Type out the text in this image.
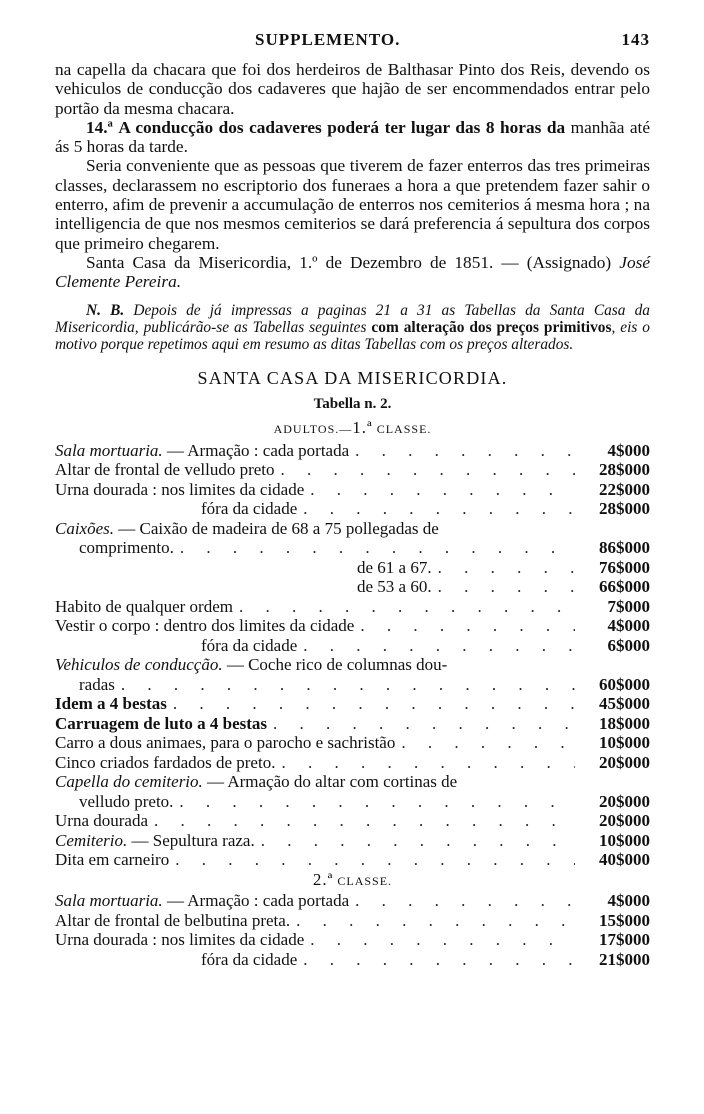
SUPPLEMENTO.	143

na capella da chacara que foi dos herdeiros de Balthasar Pinto dos Reis, devendo os vehiculos de conducção dos cadaveres que hajão de ser encommendados entrar pelo portão da mesma chacara.

14.ª A conducção dos cadaveres poderá ter lugar das 8 horas da manhãa até ás 5 horas da tarde.

Seria conveniente que as pessoas que tiverem de fazer enterros das tres primeiras classes, declarassem no escriptorio dos funeraes a hora a que pretendem fazer sahir o enterro, afim de prevenir a accumulação de enterros nos cemiterios á mesma hora ; na intelligencia de que nos mesmos cemiterios se dará preferencia á sepultura dos corpos que primeiro chegarem.

Santa Casa da Misericordia, 1.º de Dezembro de 1851. — (Assignado) José Clemente Pereira.

N. B. Depois de já impressas a paginas 21 a 31 as Tabellas da Santa Casa da Misericordia, publicárão-se as Tabellas seguintes com alteração dos preços primitivos, eis o motivo porque repetimos aqui em resumo as ditas Tabellas com os preços alterados.

SANTA CASA DA MISERICORDIA.
Tabella n. 2.
ADULTOS.—1.ª CLASSE.
Sala mortuaria. — Armação : cada portada . . .	4$000
Altar de frontal de velludo preto . . .	28$000
Urna dourada : nos limites da cidade . . .	22$000
fóra da cidade . . .	28$000
Caixões. — Caixão de madeira de 68 a 75 pollegadas de
comprimento. . . .	86$000
de 61 a 67. . . .	76$000
de 53 a 60. . . .	66$000
Habito de qualquer ordem . . .	7$000
Vestir o corpo : dentro dos limites da cidade . . .	4$000
fóra da cidade . . .	6$000
Vehiculos de conducção. — Coche rico de columnas dou-
radas . . .	60$000
Idem a 4 bestas . . .	45$000
Carruagem de luto a 4 bestas . . .	18$000
Carro a dous animaes, para o parocho e sachristão . . .	10$000
Cinco criados fardados de preto. . . .	20$000
Capella do cemiterio. — Armação do altar com cortinas de
velludo preto. . . .	20$000
Urna dourada . . .	20$000
Cemiterio. — Sepultura raza. . . .	10$000
Dita em carneiro . . .	40$000
2.ª CLASSE.
Sala mortuaria. — Armação : cada portada . . .	4$000
Altar de frontal de belbutina preta. . . .	15$000
Urna dourada : nos limites da cidade . . .	17$000
fóra da cidade . . .	21$000
